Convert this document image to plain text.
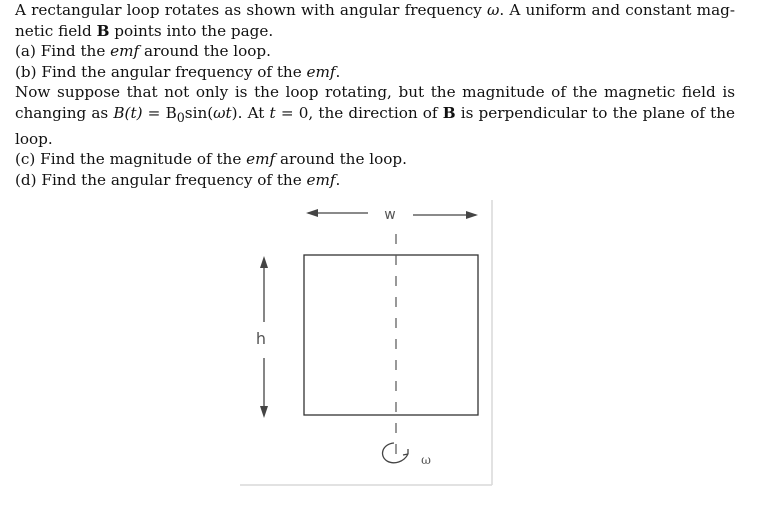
A rectangular loop rotates as shown with angular frequency ω. A uniform and constant mag-netic field B points into the page.

(a) Find the emf around the loop.

(b) Find the angular frequency of the emf.

Now suppose that not only is the loop rotating, but the magnitude of the magnetic field is changing as $B(t) = B_0\sin(\omega t)$. At t = 0, the direction of B is perpendicular to the plane of the loop.

(c) Find the magnitude of the emf around the loop.

(d) Find the angular frequency of the emf.

w
h
ω
